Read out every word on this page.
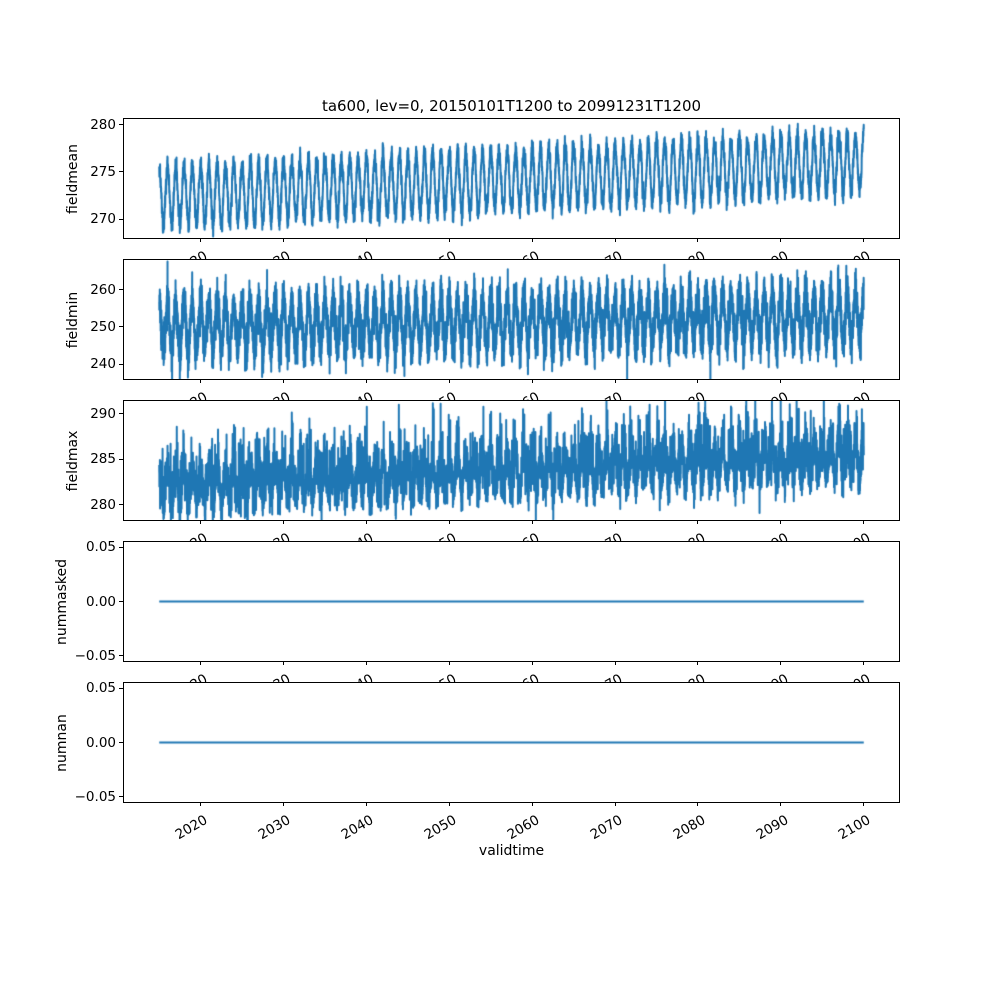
ta600, lev=0, 20150101T1200 to 20991231T1200
fieldmean
280
275
270
fieldmin
260
250
240
fieldmax
290
285
280
nummasked
0.05
0.00
−0.05
numnan
0.05
0.00
−0.05
2020	2030	2040	2050	2060	2070	2080	2090	2100
validtime
